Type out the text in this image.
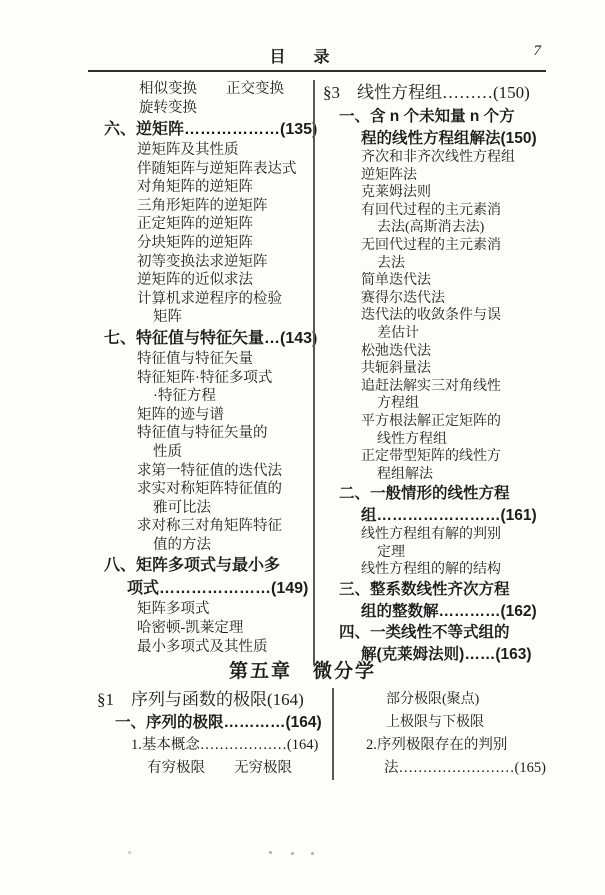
目　录	7
相似变换　　正交变换
旋转变换
六、逆矩阵………………(135)
逆矩阵及其性质
伴随矩阵与逆矩阵表达式
对角矩阵的逆矩阵
三角形矩阵的逆矩阵
正定矩阵的逆矩阵
分块矩阵的逆矩阵
初等变换法求逆矩阵
逆矩阵的近似求法
计算机求逆程序的检验
矩阵
七、特征值与特征矢量…(143)
特征值与特征矢量
特征矩阵·特征多项式
·特征方程
矩阵的迹与谱
特征值与特征矢量的
性质
求第一特征值的迭代法
求实对称矩阵特征值的
雅可比法
求对称三对角矩阵特征
值的方法
八、矩阵多项式与最小多
项式…………………(149)
矩阵多项式
哈密顿-凯莱定理
最小多项式及其性质
§3　线性方程组………(150)
一、含 n 个未知量 n 个方
程的线性方程组解法(150)
齐次和非齐次线性方程组
逆矩阵法
克莱姆法则
有回代过程的主元素消
去法(高斯消去法)
无回代过程的主元素消
去法
简单迭代法
赛得尔迭代法
迭代法的收敛条件与误
差估计
松弛迭代法
共轭斜量法
追赶法解实三对角线性
方程组
平方根法解正定矩阵的
线性方程组
正定带型矩阵的线性方
程组解法
二、一般情形的线性方程
组……………………(161)
线性方程组有解的判别
定理
线性方程组的解的结构
三、整系数线性齐次方程
组的整数解…………(162)
四、一类线性不等式组的
解(克莱姆法则)……(163)
第五章　微分学
§1　序列与函数的极限(164)
一、序列的极限…………(164)
1.基本概念………………(164)
有穷极限　　无穷极限
部分极限(聚点)
上极限与下极限
2.序列极限存在的判别
法……………………(165)
